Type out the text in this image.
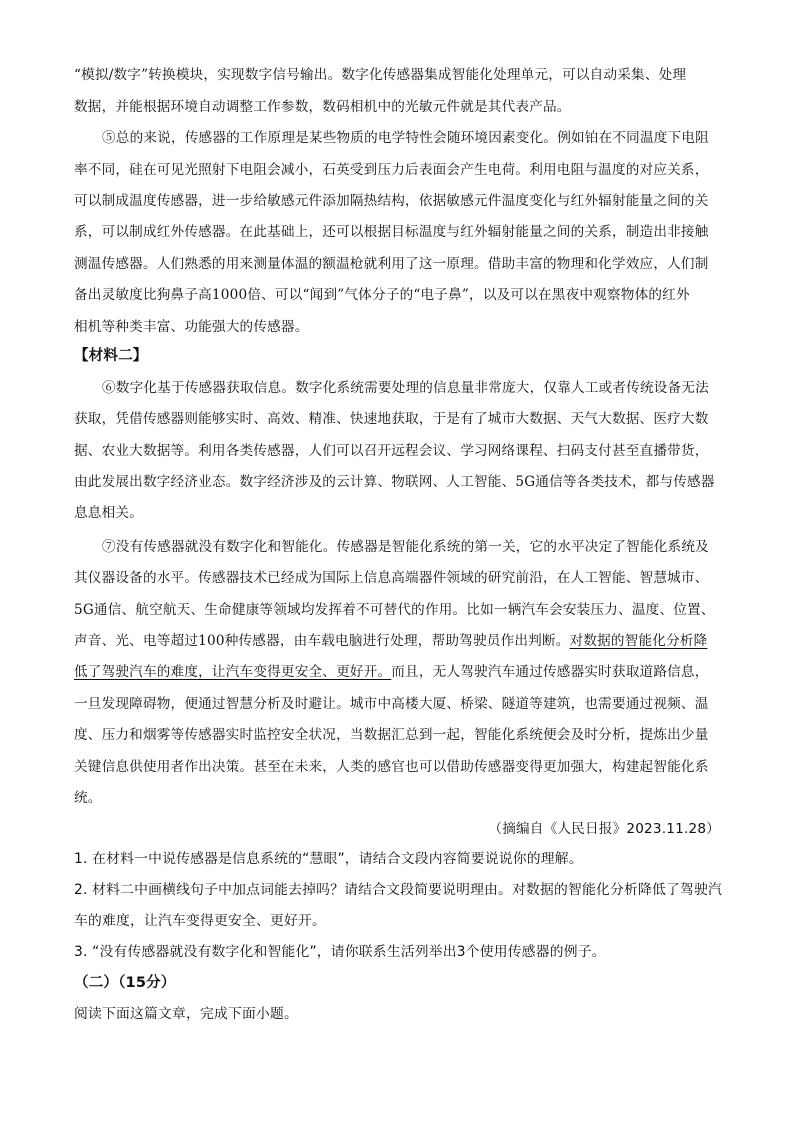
“模拟/数字”转换模块，实现数字信号输出。数字化传感器集成智能化处理单元，可以自动采集、处理
数据，并能根据环境自动调整工作参数，数码相机中的光敏元件就是其代表产品。
⑤总的来说，传感器的工作原理是某些物质的电学特性会随环境因素变化。例如铂在不同温度下电阻
率不同，硅在可见光照射下电阻会减小，石英受到压力后表面会产生电荷。利用电阻与温度的对应关系，
可以制成温度传感器，进一步给敏感元件添加隔热结构，依据敏感元件温度变化与红外辐射能量之间的关
系，可以制成红外传感器。在此基础上，还可以根据目标温度与红外辐射能量之间的关系，制造出非接触
测温传感器。人们熟悉的用来测量体温的额温枪就利用了这一原理。借助丰富的物理和化学效应，人们制
备出灵敏度比狗鼻子高1000倍、可以“闻到”气体分子的“电子鼻”，以及可以在黑夜中观察物体的红外
相机等种类丰富、功能强大的传感器。
【材料二】
⑥数字化基于传感器获取信息。数字化系统需要处理的信息量非常庞大，仅靠人工或者传统设备无法
获取，凭借传感器则能够实时、高效、精准、快速地获取，于是有了城市大数据、天气大数据、医疗大数
据、农业大数据等。利用各类传感器，人们可以召开远程会议、学习网络课程、扫码支付甚至直播带货，
由此发展出数字经济业态。数字经济涉及的云计算、物联网、人工智能、5G通信等各类技术，都与传感器
息息相关。
⑦没有传感器就没有数字化和智能化。传感器是智能化系统的第一关，它的水平决定了智能化系统及
其仪器设备的水平。传感器技术已经成为国际上信息高端器件领域的研究前沿，在人工智能、智慧城市、
5G通信、航空航天、生命健康等领域均发挥着不可替代的作用。比如一辆汽车会安装压力、温度、位置、
声音、光、电等超过100种传感器，由车载电脑进行处理，帮助驾驶员作出判断。对数据的智能化分析降
低了驾驶汽车的难度，让汽车变得更安全、更好开。而且，无人驾驶汽车通过传感器实时获取道路信息，
一旦发现障碍物，便通过智慧分析及时避让。城市中高楼大厦、桥梁、隧道等建筑，也需要通过视频、温
度、压力和烟雾等传感器实时监控安全状况，当数据汇总到一起，智能化系统便会及时分析，提炼出少量
关键信息供使用者作出决策。甚至在未来，人类的感官也可以借助传感器变得更加强大，构建起智能化系
统。
（摘编自《人民日报》2023.11.28）
1. 在材料一中说传感器是信息系统的“慧眼”，请结合文段内容简要说说你的理解。
2. 材料二中画横线句子中加点词能去掉吗？请结合文段简要说明理由。对数据的智能化分析降低了驾驶汽
车的难度，让汽车变得更安全、更好开。
3. “没有传感器就没有数字化和智能化”，请你联系生活列举出3个使用传感器的例子。
（二）（15分）
阅读下面这篇文章，完成下面小题。
